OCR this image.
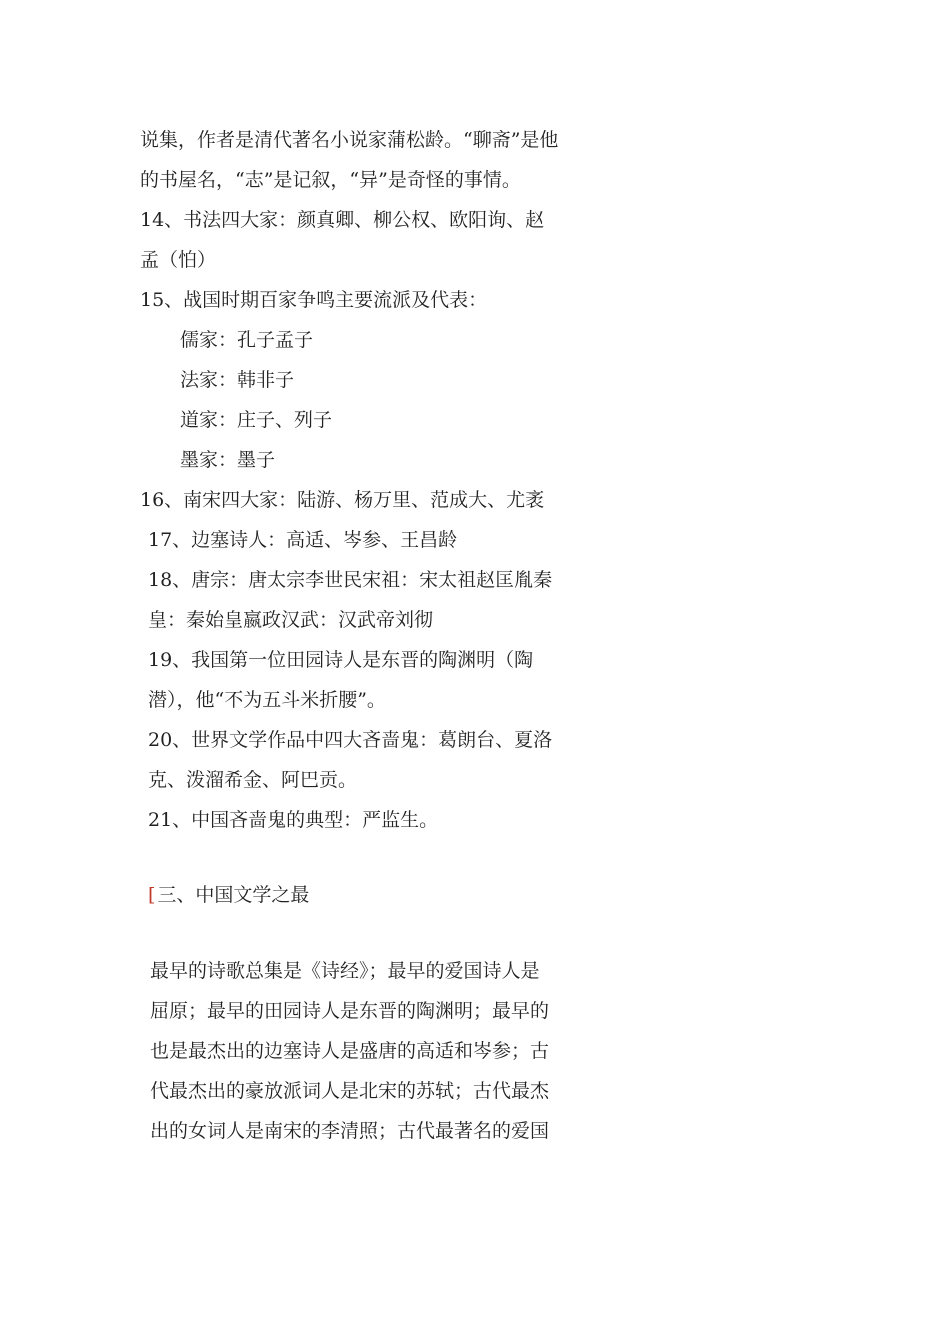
说集，作者是清代著名小说家蒲松龄。“聊斋”是他
的书屋名，“志”是记叙，“异”是奇怪的事情。
14、书法四大家：颜真卿、柳公权、欧阳询、赵
孟（怕）
15、战国时期百家争鸣主要流派及代表：
儒家：孔子孟子
法家：韩非子
道家：庄子、列子
墨家：墨子
16、南宋四大家：陆游、杨万里、范成大、尤袤
17、边塞诗人：高适、岑参、王昌龄
18、唐宗：唐太宗李世民宋祖：宋太祖赵匡胤秦
皇：秦始皇嬴政汉武：汉武帝刘彻
19、我国第一位田园诗人是东晋的陶渊明（陶
潜），他“不为五斗米折腰”。
20、世界文学作品中四大吝啬鬼：葛朗台、夏洛
克、泼溜希金、阿巴贡。
21、中国吝啬鬼的典型：严监生。
[ 三、中国文学之最
最早的诗歌总集是《诗经》；最早的爱国诗人是
屈原；最早的田园诗人是东晋的陶渊明；最早的
也是最杰出的边塞诗人是盛唐的高适和岑参；古
代最杰出的豪放派词人是北宋的苏轼；古代最杰
出的女词人是南宋的李清照；古代最著名的爱国
